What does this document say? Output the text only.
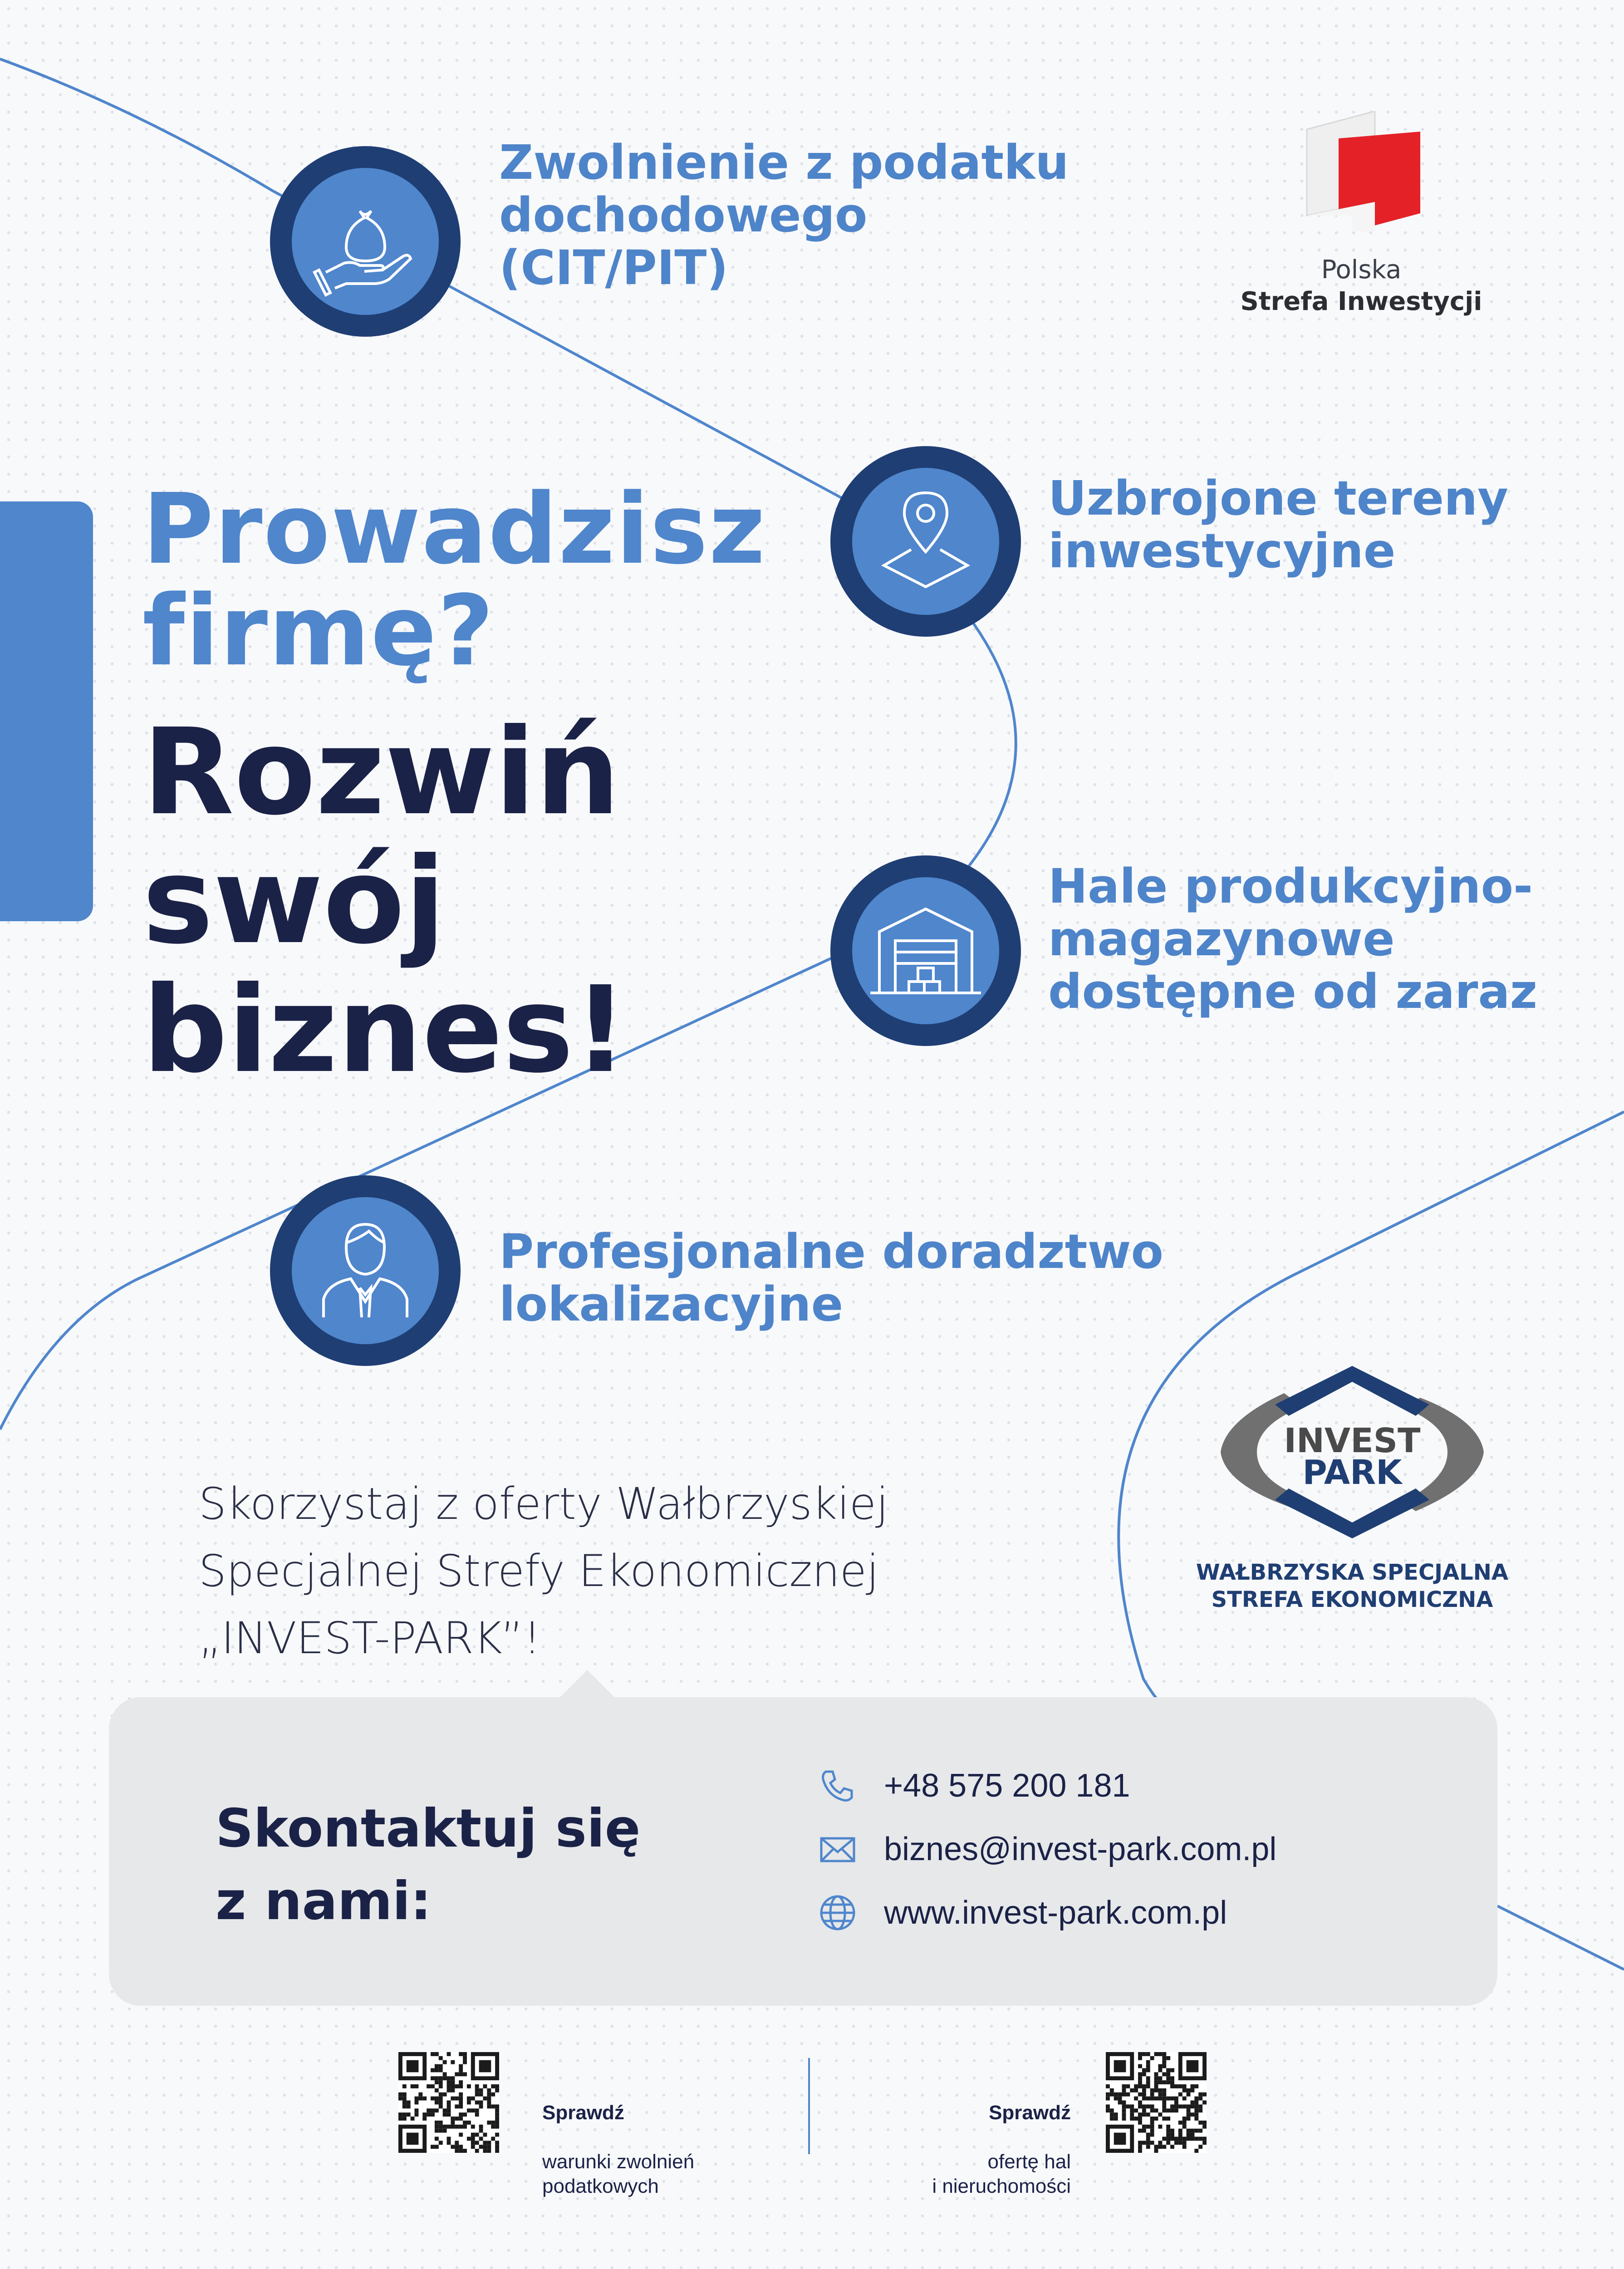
Zwolnienie z podatku
dochodowego
(CIT/PIT)
Uzbrojone tereny
inwestycyjne
Hale produkcyjno-
magazynowe
dostępne od zaraz
Profesjonalne doradztwo
lokalizacyjne
Polska
Strefa Inwestycji
Prowadzisz
firmę?
Rozwiń
swój
biznes!
Skorzystaj z oferty Wałbrzyskiej
Specjalnej Strefy Ekonomicznej
„INVEST-PARK”!
INVEST
PARK
WAŁBRZYSKA SPECJALNA
STREFA EKONOMICZNA
Skontaktuj się
z nami:
+48 575 200 181
biznes@invest-park.com.pl
www.invest-park.com.pl

Sprawdź

warunki zwolnień
podatkowych

Sprawdź

ofertę hal
i nieruchomości
